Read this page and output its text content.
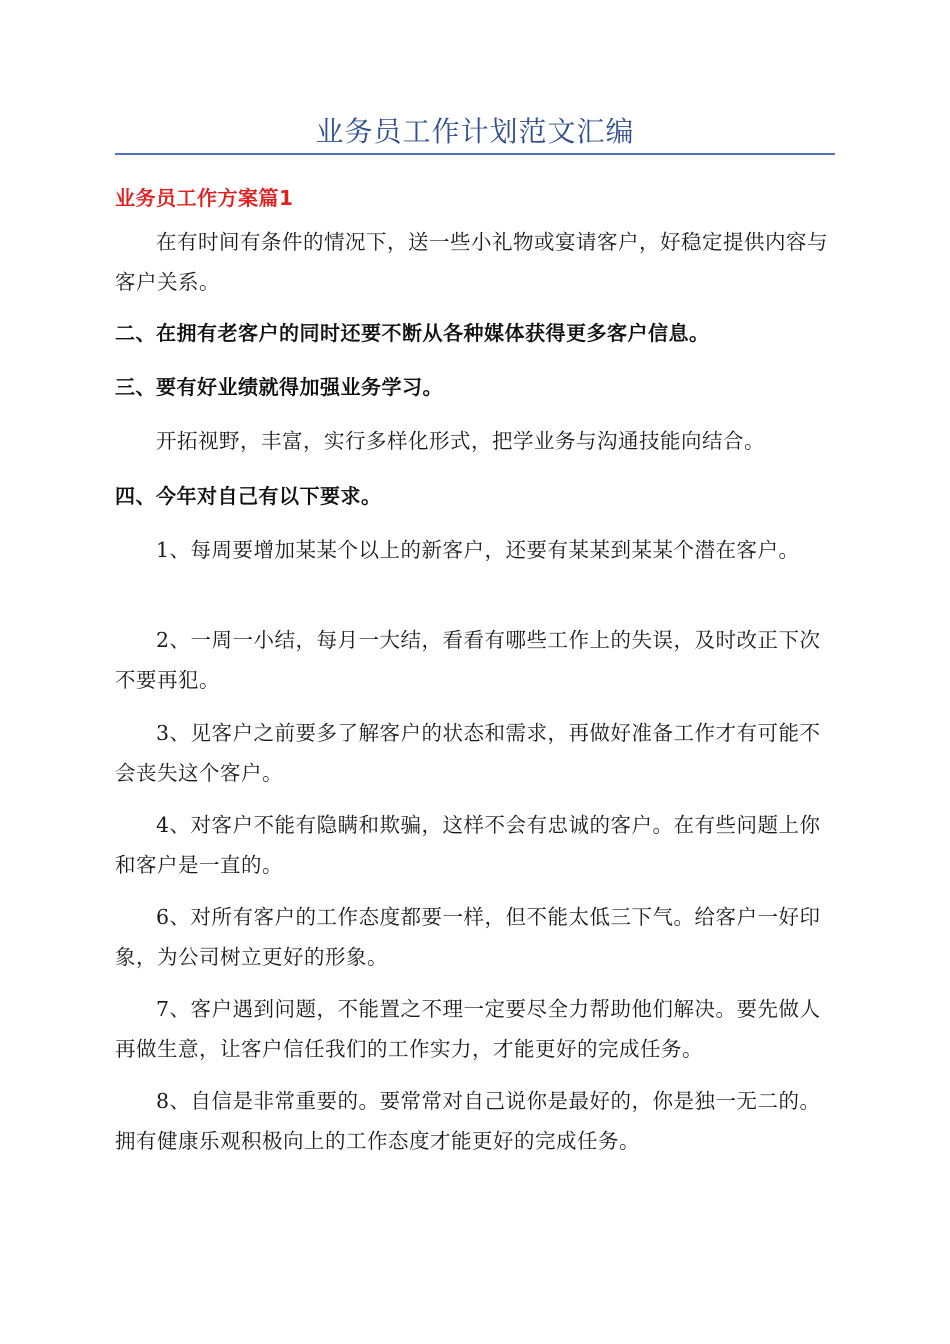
业务员工作计划范文汇编

业务员工作方案篇1

在有时间有条件的情况下，送一些小礼物或宴请客户，好稳定提供内容与客户关系。

二、在拥有老客户的同时还要不断从各种媒体获得更多客户信息。

三、要有好业绩就得加强业务学习。

开拓视野，丰富，实行多样化形式，把学业务与沟通技能向结合。

四、今年对自己有以下要求。

1、每周要增加某某个以上的新客户，还要有某某到某某个潜在客户。

2、一周一小结，每月一大结，看看有哪些工作上的失误，及时改正下次不要再犯。

3、见客户之前要多了解客户的状态和需求，再做好准备工作才有可能不会丧失这个客户。

4、对客户不能有隐瞒和欺骗，这样不会有忠诚的客户。在有些问题上你和客户是一直的。

6、对所有客户的工作态度都要一样，但不能太低三下气。给客户一好印象，为公司树立更好的形象。

7、客户遇到问题，不能置之不理一定要尽全力帮助他们解决。要先做人再做生意，让客户信任我们的工作实力，才能更好的完成任务。

8、自信是非常重要的。要常常对自己说你是最好的，你是独一无二的。拥有健康乐观积极向上的工作态度才能更好的完成任务。
